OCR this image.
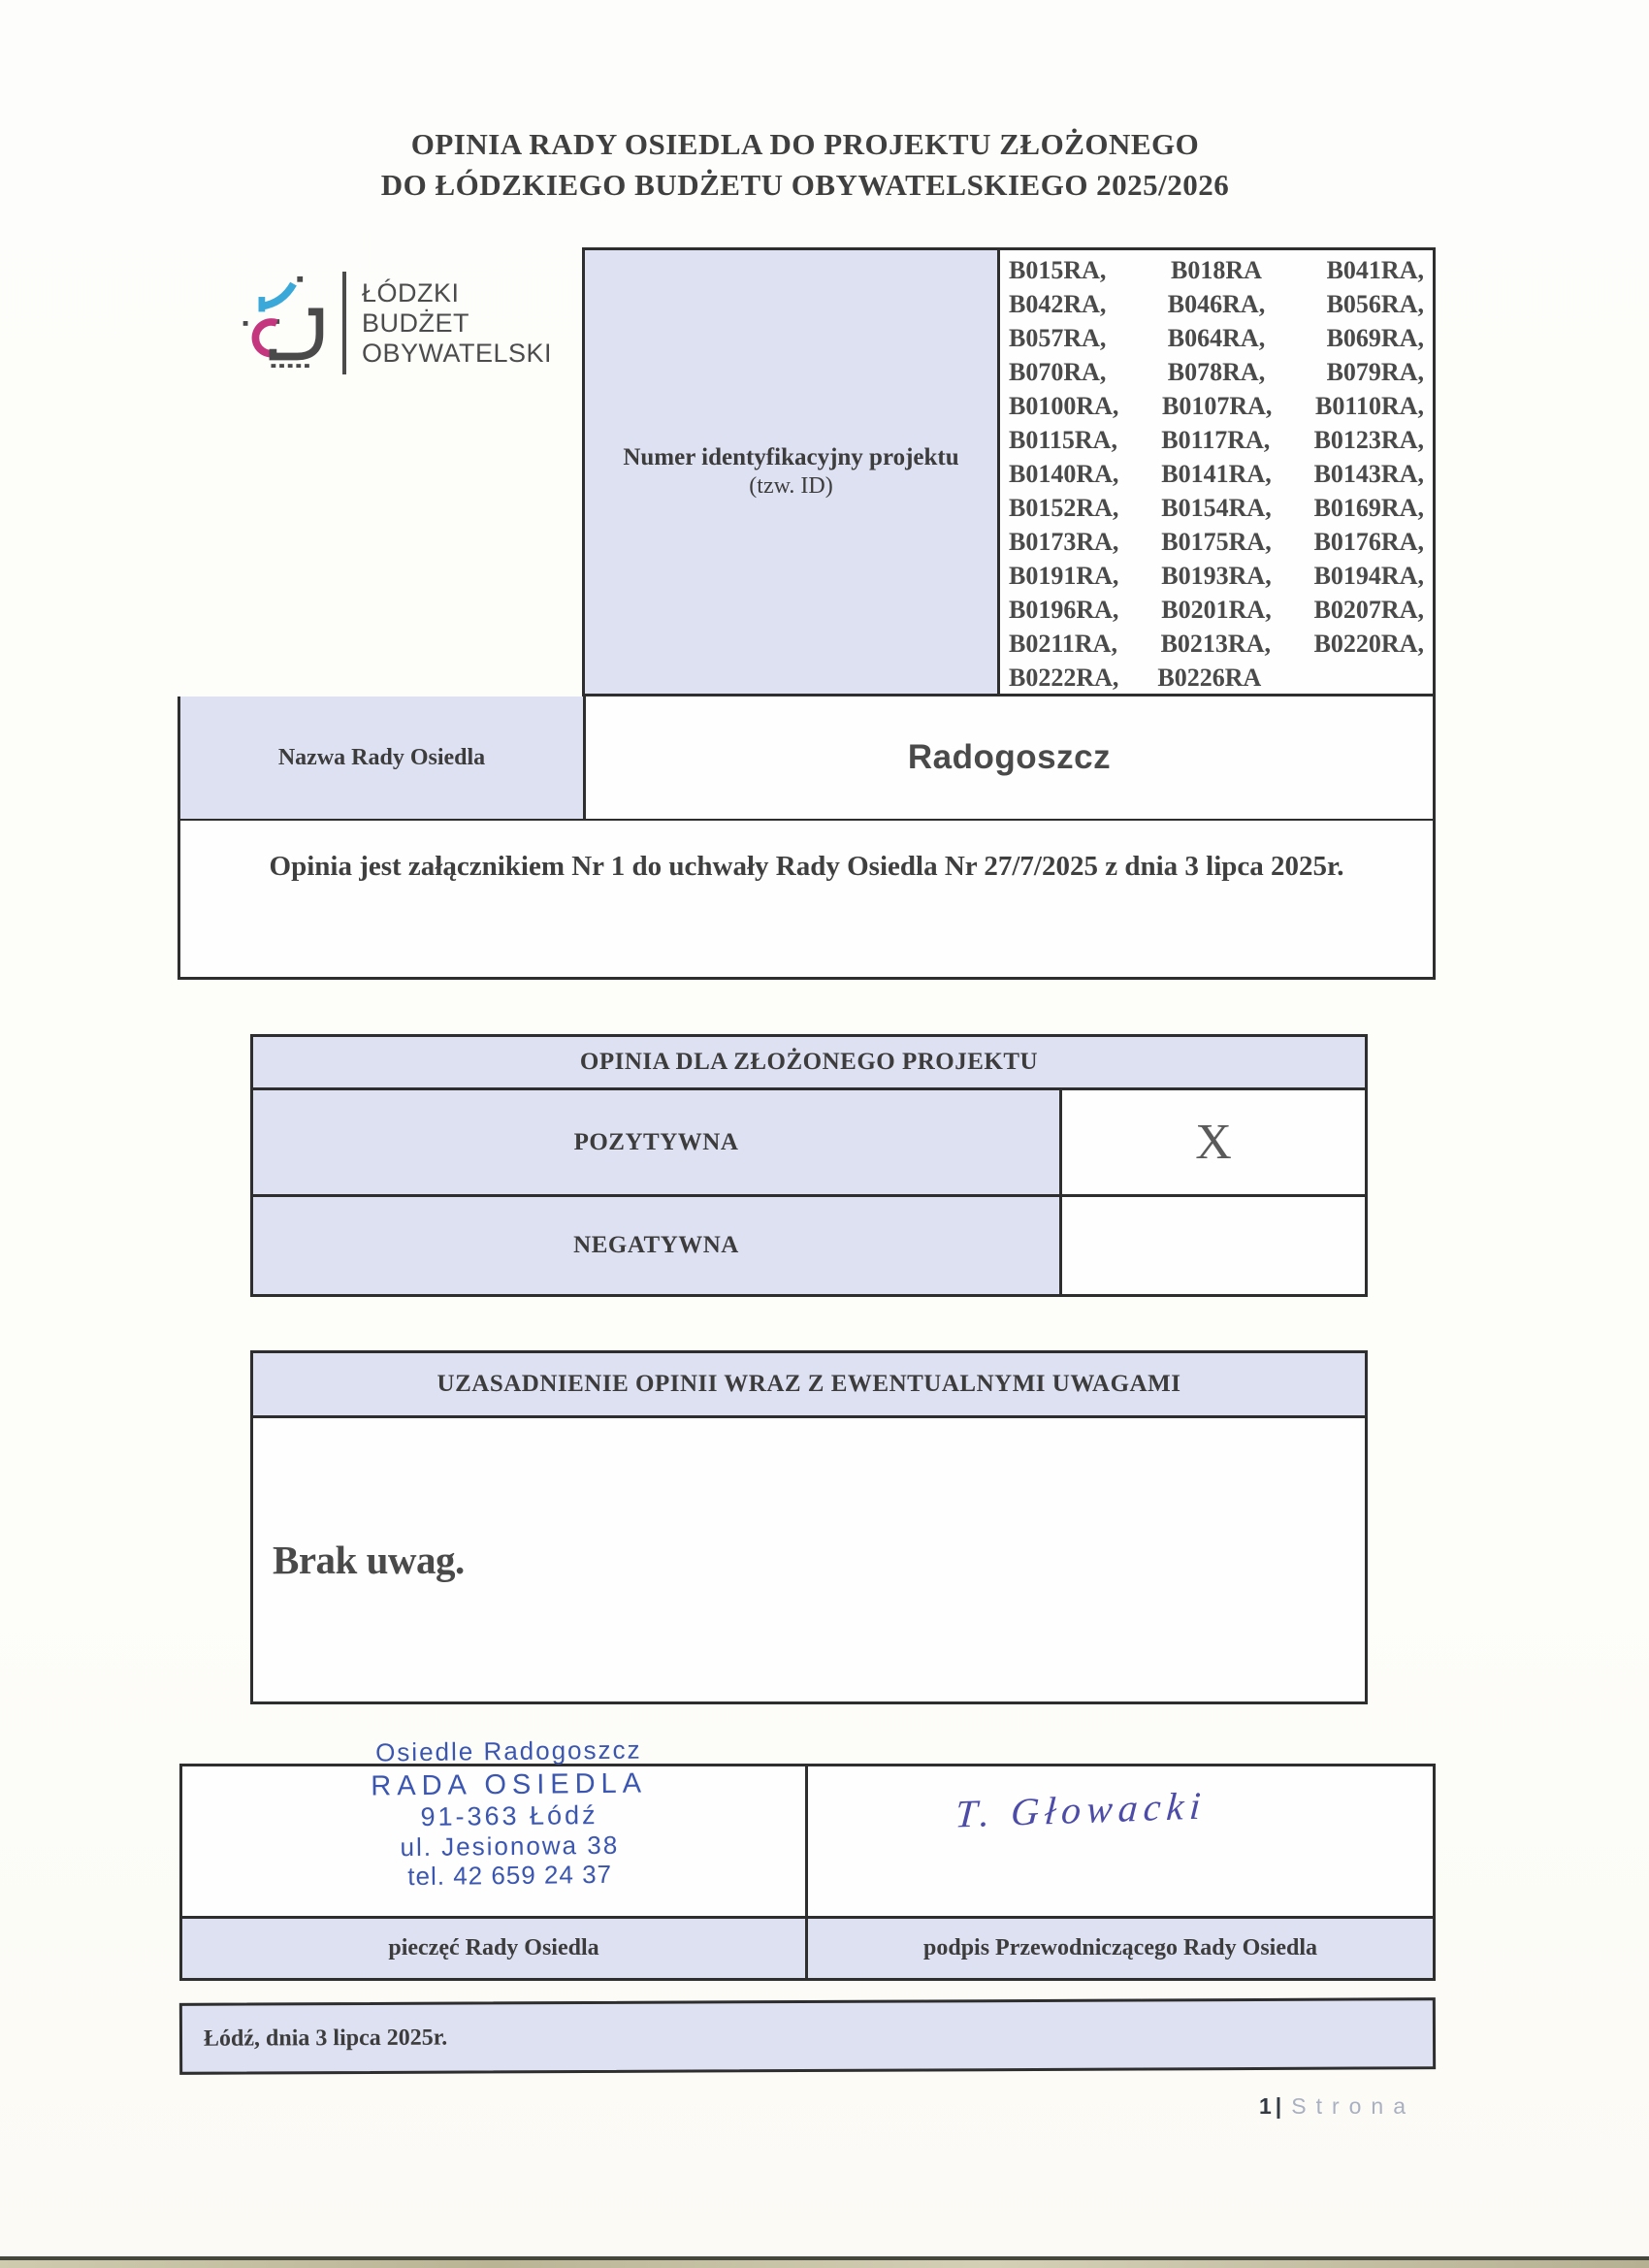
OPINIA RADY OSIEDLA DO PROJEKTU ZŁOŻONEGO
DO ŁÓDZKIEGO BUDŻETU OBYWATELSKIEGO 2025/2026
ŁÓDZKI
BUDŻET
OBYWATELSKI
Numer identyfikacyjny projektu
(tzw. ID)
B015RA,	B018RA	B041RA,
B042RA, B046RA, B056RA,
B057RA, B064RA, B069RA,
B070RA, B078RA, B079RA,
B0100RA, B0107RA, B0110RA,
B0115RA, B0117RA, B0123RA,
B0140RA, B0141RA, B0143RA,
B0152RA, B0154RA, B0169RA,
B0173RA, B0175RA, B0176RA,
B0191RA, B0193RA, B0194RA,
B0196RA, B0201RA, B0207RA,
B0211RA, B0213RA, B0220RA,
B0222RA, B0226RA
Nazwa Rady Osiedla	Radogoszcz
Opinia jest załącznikiem Nr 1 do uchwały Rady Osiedla Nr 27/7/2025 z dnia 3 lipca 2025r.
OPINIA DLA ZŁOŻONEGO PROJEKTU
POZYTYWNA	X
NEGATYWNA
UZASADNIENIE OPINII WRAZ Z EWENTUALNYMI UWAGAMI
Brak uwag.
pieczęć Rady Osiedla	podpis Przewodniczącego Rady Osiedla
Osiedle Radogoszcz
RADA OSIEDLA
91-363 Łódź
ul. Jesionowa 38
tel. 42 659 24 37
T. Głowacki
Łódź, dnia 3 lipca 2025r.
1 | Strona
